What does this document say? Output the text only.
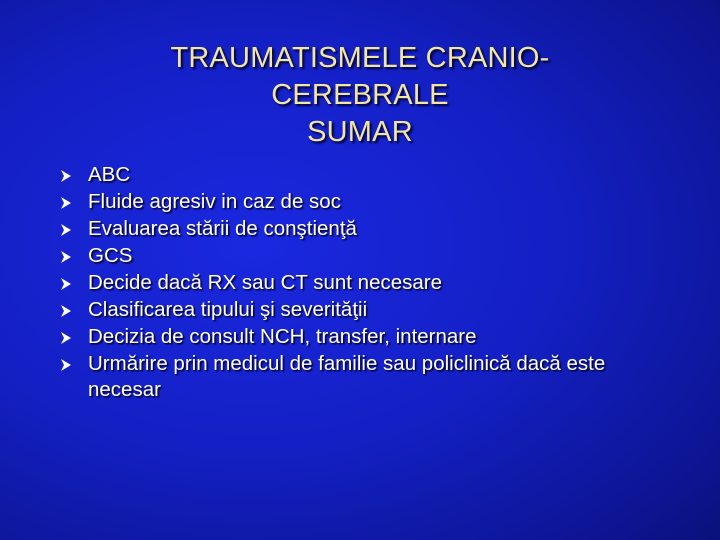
TRAUMATISMELE CRANIO-
CEREBRALE
SUMAR
ABC
Fluide agresiv in caz de soc
Evaluarea stării de conştienţă
GCS
Decide dacă RX sau CT sunt necesare
Clasificarea tipului şi severităţii
Decizia de consult NCH, transfer, internare
Urmărire prin medicul de familie sau policlinică dacă este necesar
